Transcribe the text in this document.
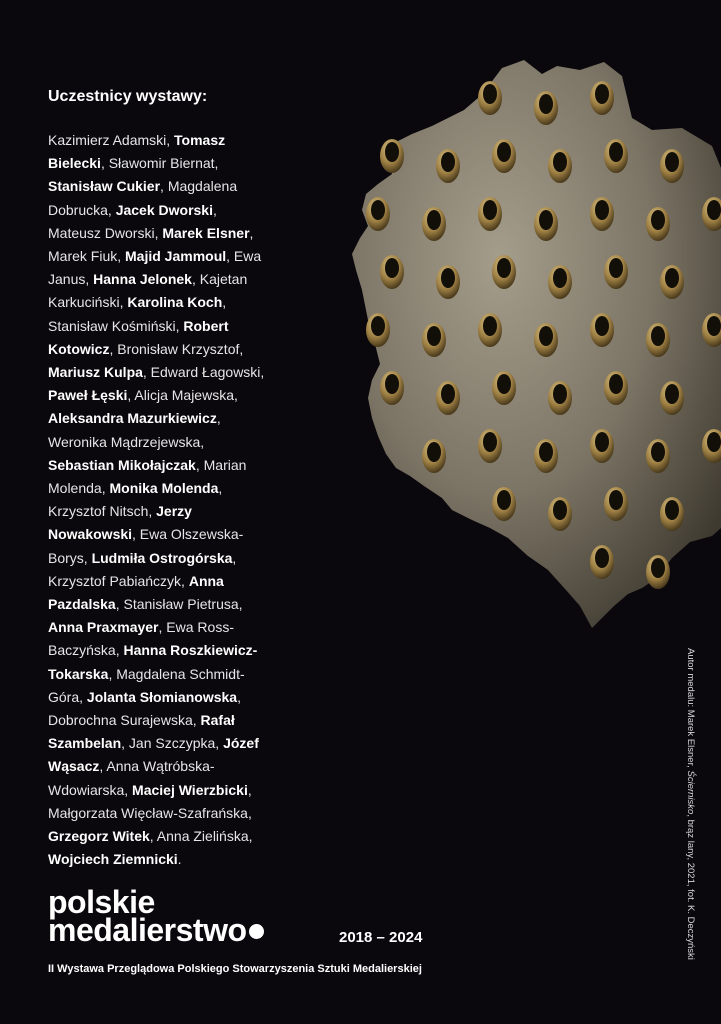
Uczestnicy wystawy:
Kazimierz Adamski, Tomasz
Bielecki, Sławomir Biernat,
Stanisław Cukier, Magdalena
Dobrucka, Jacek Dworski,
Mateusz Dworski, Marek Elsner,
Marek Fiuk, Majid Jammoul, Ewa
Janus, Hanna Jelonek, Kajetan
Karkuciński, Karolina Koch,
Stanisław Kośmiński, Robert
Kotowicz, Bronisław Krzysztof,
Mariusz Kulpa, Edward Łagowski,
Paweł Łęski, Alicja Majewska,
Aleksandra Mazurkiewicz,
Weronika Mądrzejewska,
Sebastian Mikołajczak, Marian
Molenda, Monika Molenda,
Krzysztof Nitsch, Jerzy
Nowakowski, Ewa Olszewska-
Borys, Ludmiła Ostrogórska,
Krzysztof Pabiańczyk, Anna
Pazdalska, Stanisław Pietrusa,
Anna Praxmayer, Ewa Ross-
Baczyńska, Hanna Roszkiewicz-
Tokarska, Magdalena Schmidt-
Góra, Jolanta Słomianowska,
Dobrochna Surajewska, Rafał
Szambelan, Jan Szczypka, Józef
Wąsacz, Anna Wątróbska-
Wdowiarska, Maciej Wierzbicki,
Małgorzata Więcław-Szafrańska,
Grzegorz Witek, Anna Zielińska,
Wojciech Ziemnicki.
Autor medalu: Marek Elsner, Ściernisko, brąz lany, 2021, fot. K. Deczyński
polskie
medalierstwo	2018 – 2024
II Wystawa Przeglądowa Polskiego Stowarzyszenia Sztuki Medalierskiej
